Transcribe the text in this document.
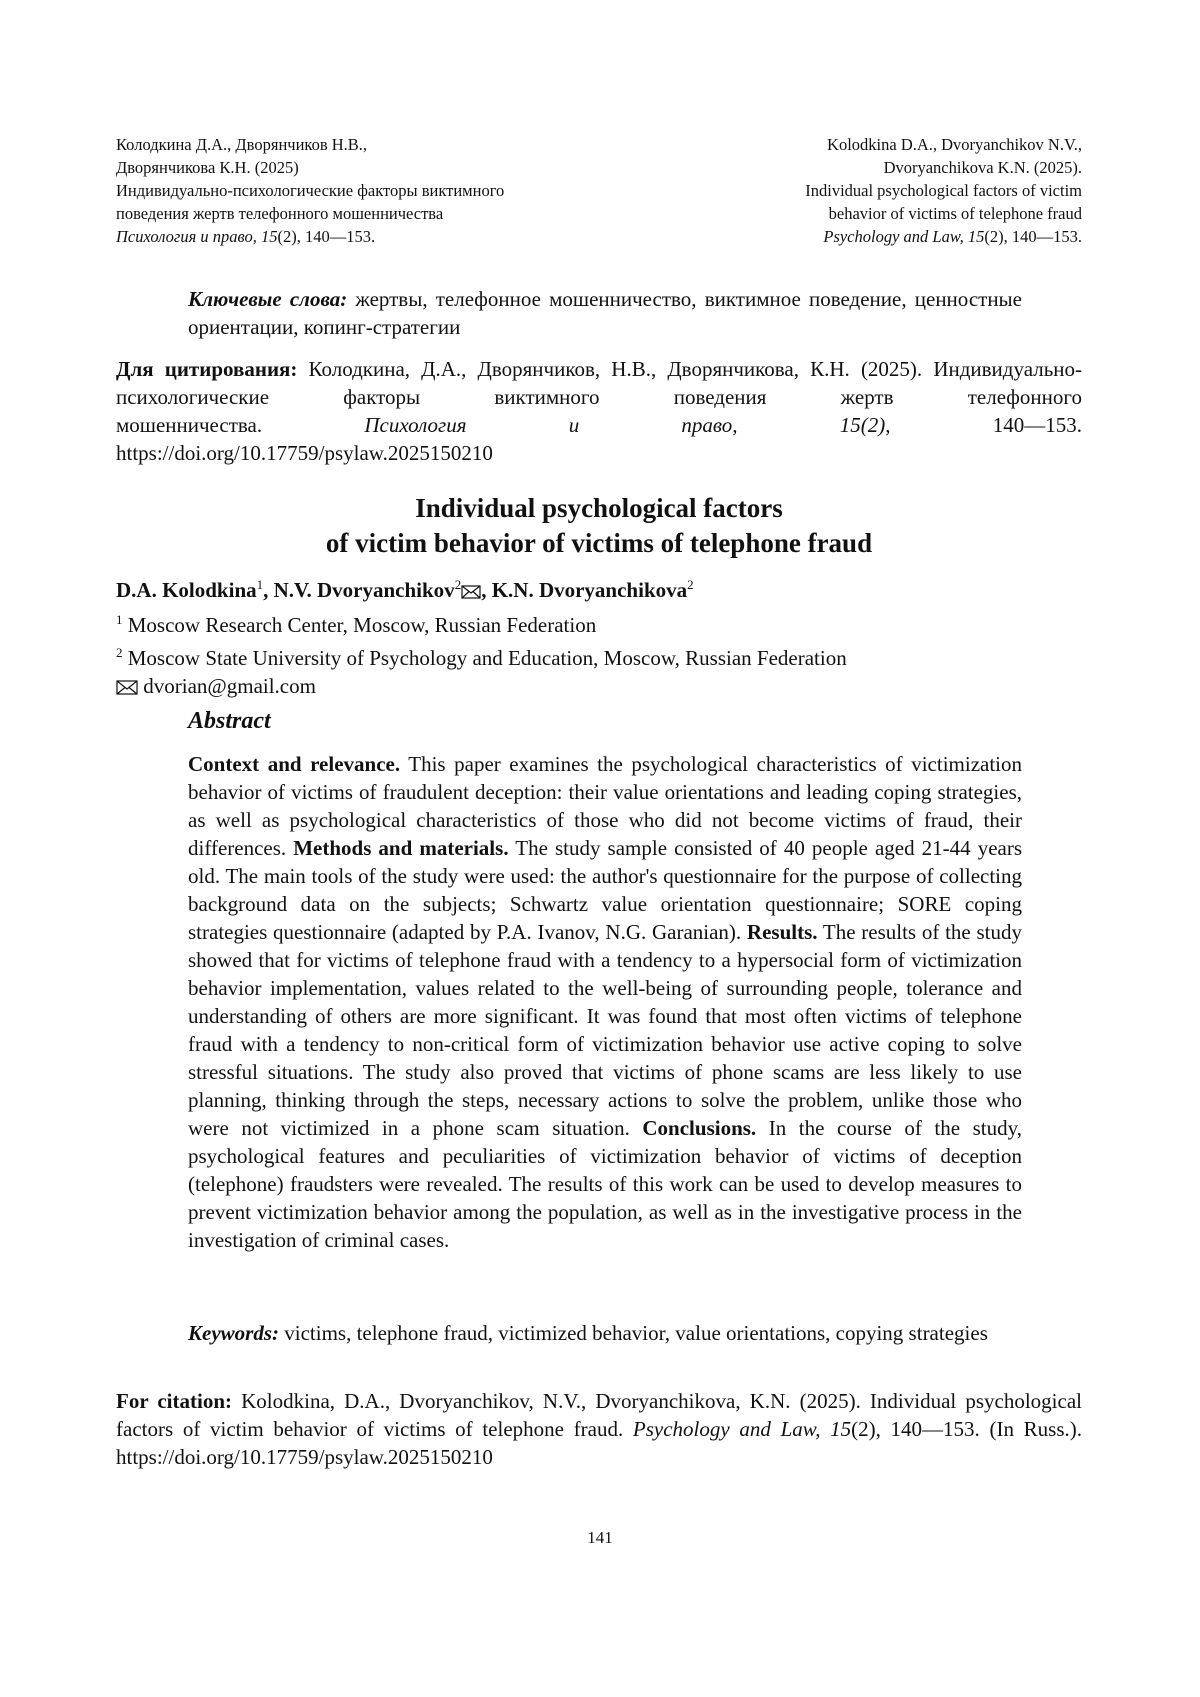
Колодкина Д.А., Дворянчиков Н.В.,
Дворянчикова К.Н. (2025)
Индивидуально-психологические факторы виктимного
поведения жертв телефонного мошенничества
Психология и право, 15(2), 140—153.
Kolodkina D.A., Dvoryanchikov N.V.,
Dvoryanchikova K.N. (2025).
Individual psychological factors of victim
behavior of victims of telephone fraud
Psychology and Law, 15(2), 140—153.
Ключевые слова: жертвы, телефонное мошенничество, виктимное поведение, ценностные ориентации, копинг-стратегии
Для цитирования: Колодкина, Д.А., Дворянчиков, Н.В., Дворянчикова, К.Н. (2025). Индивидуально-психологические факторы виктимного поведения жертв телефонного
мошенничества.	Психология	и	право,	15(2),	140—153.
https://doi.org/10.17759/psylaw.2025150210
Individual psychological factors
of victim behavior of victims of telephone fraud
D.A. Kolodkina$^1$, N.V. Dvoryanchikov$^2$ , K.N. Dvoryanchikova$^2$
$^1$ Moscow Research Center, Moscow, Russian Federation
$^2$ Moscow State University of Psychology and Education, Moscow, Russian Federation
dvorian@gmail.com
Abstract
Context and relevance. This paper examines the psychological characteristics of victimization behavior of victims of fraudulent deception: their value orientations and leading coping strategies, as well as psychological characteristics of those who did not become victims of fraud, their differences. Methods and materials. The study sample consisted of 40 people aged 21-44 years old. The main tools of the study were used: the author's questionnaire for the purpose of collecting background data on the subjects; Schwartz value orientation questionnaire; SORE coping strategies questionnaire (adapted by P.A. Ivanov, N.G. Garanian). Results. The results of the study showed that for victims of telephone fraud with a tendency to a hypersocial form of victimization behavior implementation, values related to the well-being of surrounding people, tolerance and understanding of others are more significant. It was found that most often victims of telephone fraud with a tendency to non-critical form of victimization behavior use active coping to solve stressful situations. The study also proved that victims of phone scams are less likely to use planning, thinking through the steps, necessary actions to solve the problem, unlike those who were not victimized in a phone scam situation. Conclusions. In the course of the study, psychological features and peculiarities of victimization behavior of victims of deception (telephone) fraudsters were revealed. The results of this work can be used to develop measures to prevent victimization behavior among the population, as well as in the investigative process in the investigation of criminal cases.
Keywords: victims, telephone fraud, victimized behavior, value orientations, copying strategies
For citation: Kolodkina, D.A., Dvoryanchikov, N.V., Dvoryanchikova, K.N. (2025). Individual psychological factors of victim behavior of victims of telephone fraud. Psychology and Law, 15(2), 140—153. (In Russ.). https://doi.org/10.17759/psylaw.2025150210
141
